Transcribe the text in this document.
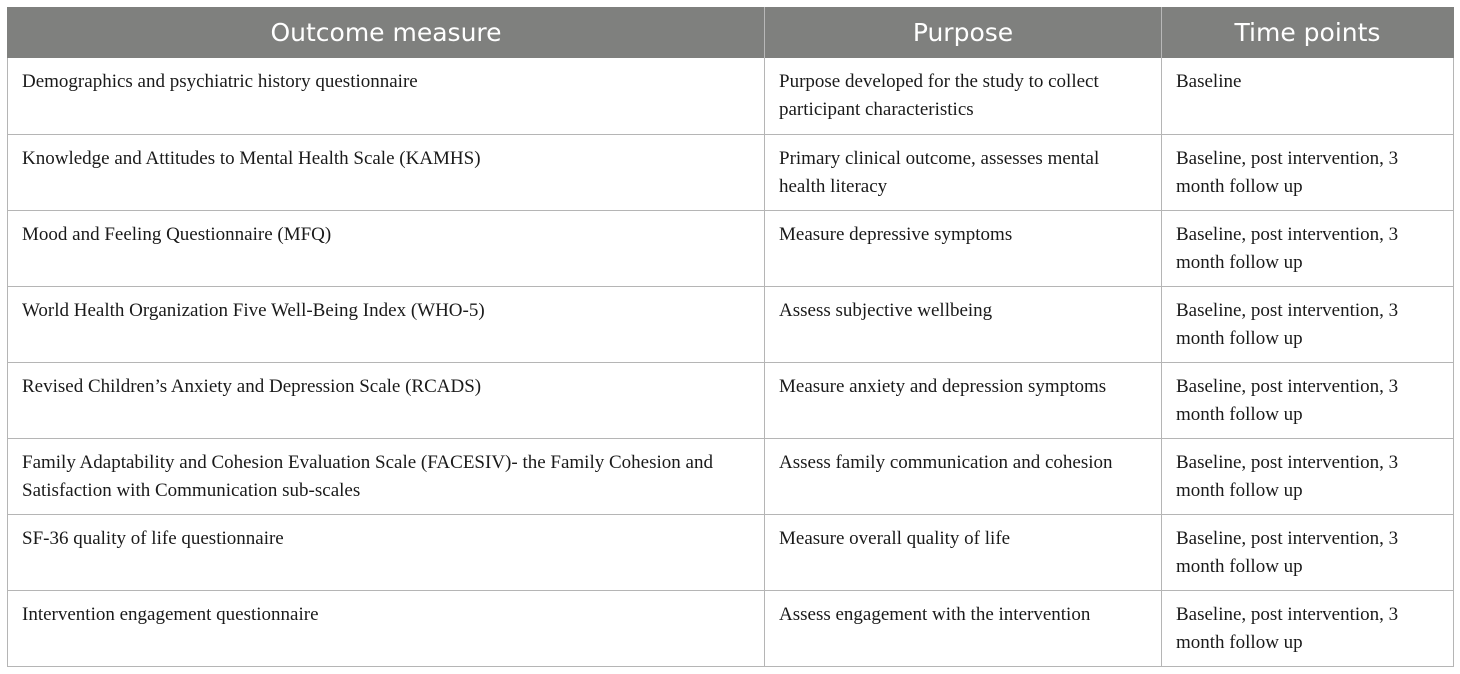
Outcome measure	Purpose	Time points
Demographics and psychiatric history questionnaire	Purpose developed for the study to collect participant characteristics	Baseline
Knowledge and Attitudes to Mental Health Scale (KAMHS)	Primary clinical outcome, assesses mental health literacy	Baseline, post intervention, 3 month follow up
Mood and Feeling Questionnaire (MFQ)	Measure depressive symptoms	Baseline, post intervention, 3 month follow up
World Health Organization Five Well-Being Index (WHO-5)	Assess subjective wellbeing	Baseline, post intervention, 3 month follow up
Revised Children’s Anxiety and Depression Scale (RCADS)	Measure anxiety and depression symptoms	Baseline, post intervention, 3 month follow up
Family Adaptability and Cohesion Evaluation Scale (FACESIV)- the Family Cohesion and Satisfaction with Communication sub-scales	Assess family communication and cohesion	Baseline, post intervention, 3 month follow up
SF-36 quality of life questionnaire	Measure overall quality of life	Baseline, post intervention, 3 month follow up
Intervention engagement questionnaire	Assess engagement with the intervention	Baseline, post intervention, 3 month follow up
